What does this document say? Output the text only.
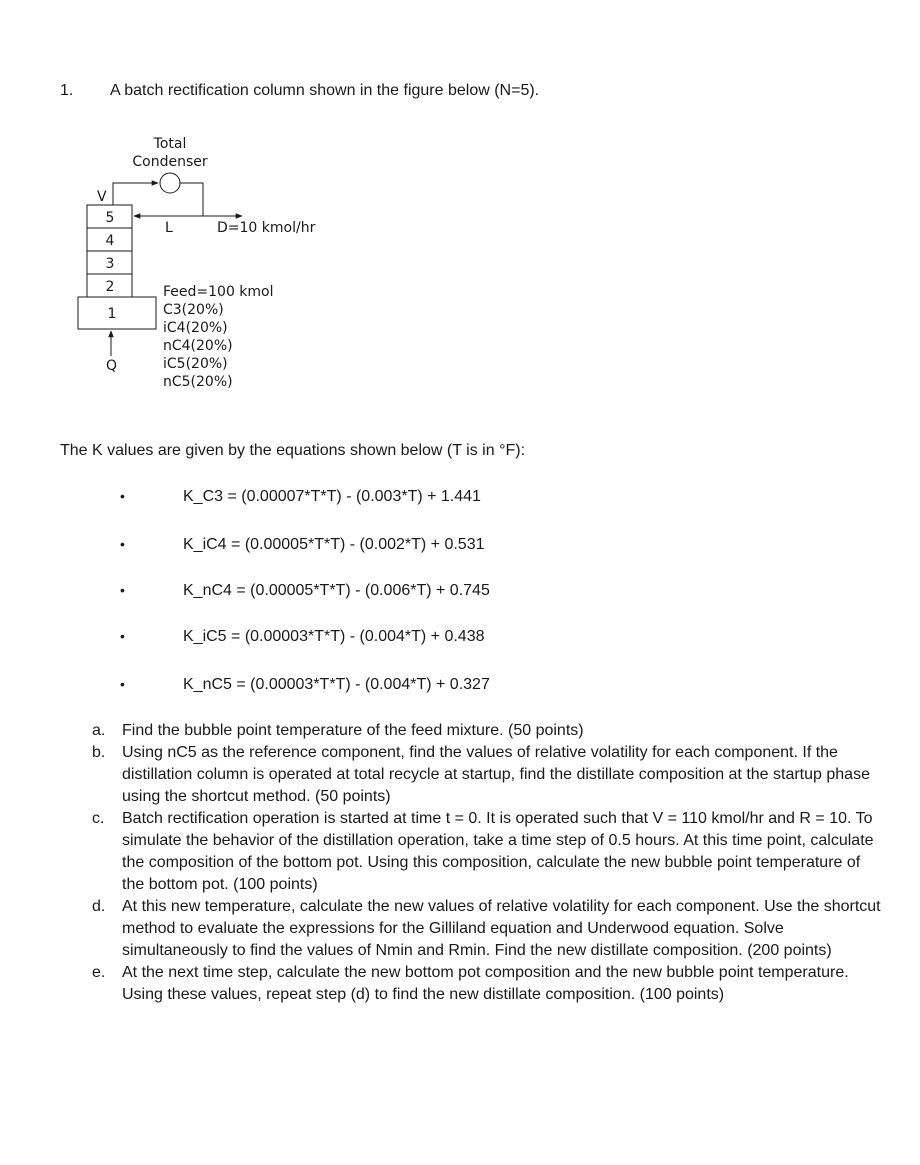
1. A batch rectification column shown in the figure below (N=5).
Total
Condenser
V
L	D=10 kmol/hr
5
4
3
2
1
Q
Feed=100 kmol
C3(20%)
iC4(20%)
nC4(20%)
iC5(20%)
nC5(20%)
The K values are given by the equations shown below (T is in °F):
•	K_C3 = (0.00007*T*T) - (0.003*T) + 1.441
•	K_iC4 = (0.00005*T*T) - (0.002*T) + 0.531
•	K_nC4 = (0.00005*T*T) - (0.006*T) + 0.745
•	K_iC5 = (0.00003*T*T) - (0.004*T) + 0.438
•	K_nC5 = (0.00003*T*T) - (0.004*T) + 0.327
a. Find the bubble point temperature of the feed mixture. (50 points)
b. Using nC5 as the reference component, find the values of relative volatility for each component. If the distillation column is operated at total recycle at startup, find the distillate composition at the startup phase using the shortcut method. (50 points)
c. Batch rectification operation is started at time t = 0. It is operated such that V = 110 kmol/hr and R = 10. To simulate the behavior of the distillation operation, take a time step of 0.5 hours. At this time point, calculate the composition of the bottom pot. Using this composition, calculate the new bubble point temperature of the bottom pot. (100 points)
d. At this new temperature, calculate the new values of relative volatility for each component. Use the shortcut method to evaluate the expressions for the Gilliland equation and Underwood equation. Solve simultaneously to find the values of Nmin and Rmin. Find the new distillate composition. (200 points)
e. At the next time step, calculate the new bottom pot composition and the new bubble point temperature. Using these values, repeat step (d) to find the new distillate composition. (100 points)
